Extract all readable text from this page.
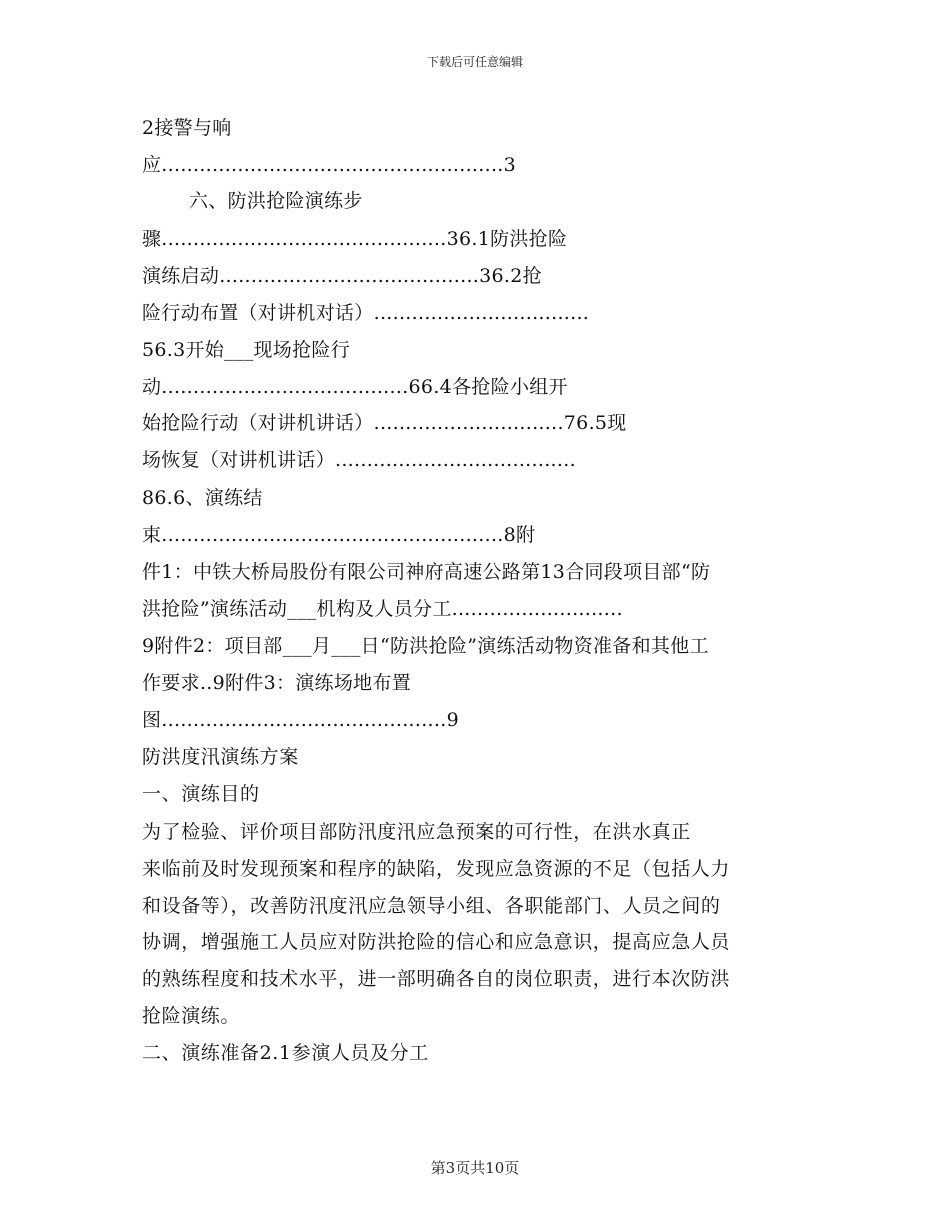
下载后可任意编辑
2接警与响
应......................................................3
六、防洪抢险演练步
骤.............................................36.1防洪抢险
演练启动.........................................36.2抢
险行动布置（对讲机对话）..................................
56.3开始___现场抢险行
动.......................................66.4各抢险小组开
始抢险行动（对讲机讲话）..............................76.5现
场恢复（对讲机讲话）......................................
86.6、演练结
束......................................................8附
件1：中铁大桥局股份有限公司神府高速公路第13合同段项目部“防
洪抢险”演练活动___机构及人员分工...........................
9附件2：项目部___月___日“防洪抢险”演练活动物资准备和其他工
作要求..9附件3：演练场地布置
图.............................................9
防洪度汛演练方案
一、演练目的
为了检验、评价项目部防汛度汛应急预案的可行性，在洪水真正
来临前及时发现预案和程序的缺陷，发现应急资源的不足（包括人力
和设备等），改善防汛度汛应急领导小组、各职能部门、人员之间的
协调，增强施工人员应对防洪抢险的信心和应急意识，提高应急人员
的熟练程度和技术水平，进一部明确各自的岗位职责，进行本次防洪
抢险演练。
二、演练准备2.1参演人员及分工
第3页共10页
